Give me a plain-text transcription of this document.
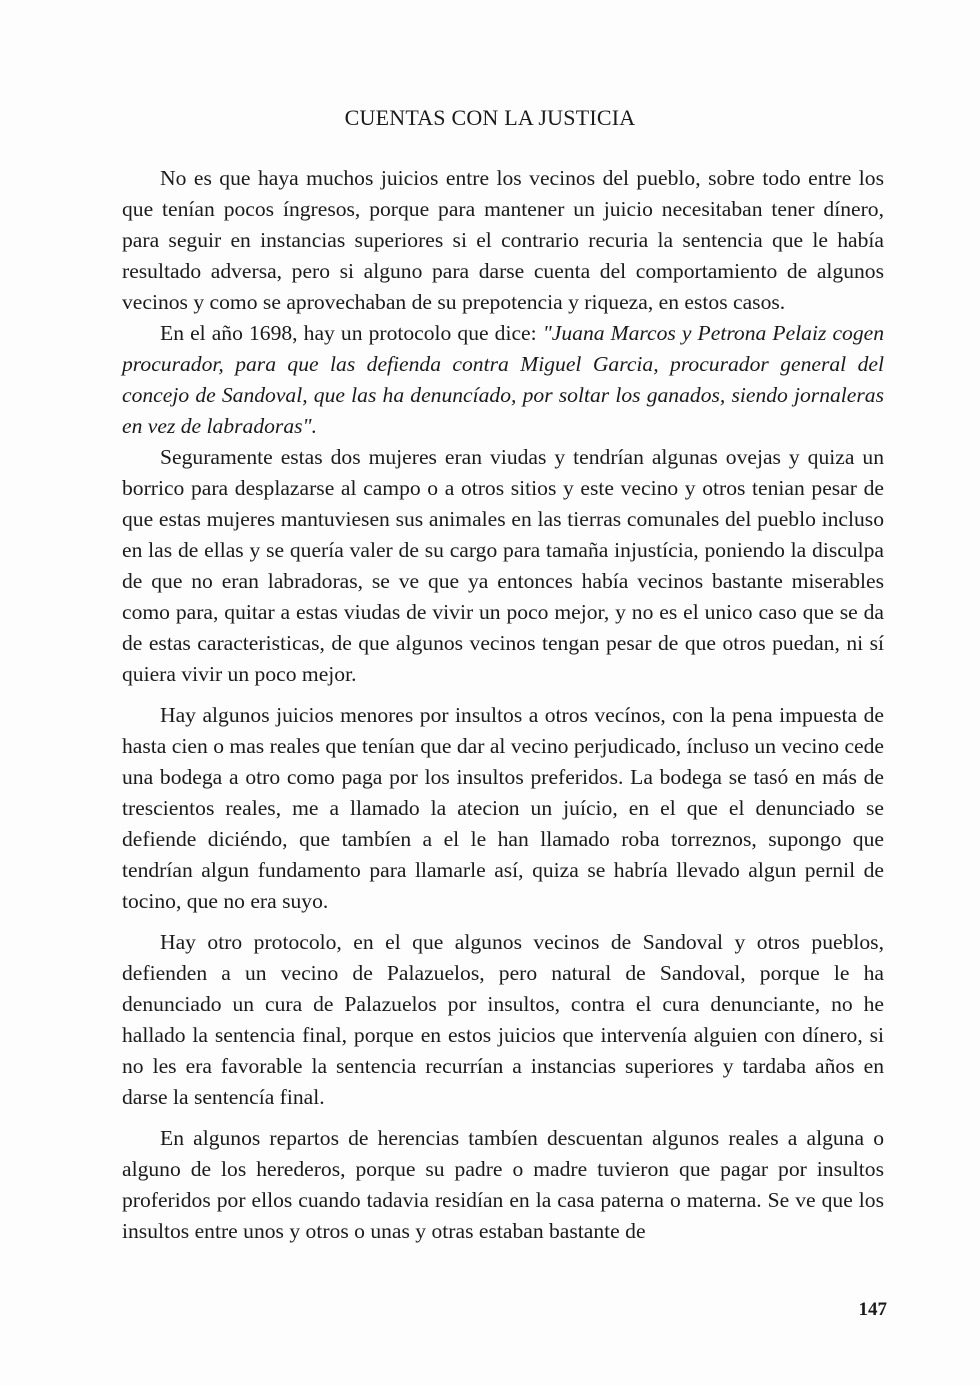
CUENTAS CON LA JUSTICIA

No es que haya muchos juicios entre los vecinos del pueblo, sobre todo entre los que tenían pocos íngresos, porque para mantener un juicio necesitaban tener dínero, para seguir en instancias superiores si el contrario recuria la sentencia que le había resultado adversa, pero si alguno para darse cuenta del comportamiento de algunos vecinos y como se aprovechaban de su prepotencia y riqueza, en estos casos.

En el año 1698, hay un protocolo que dice: "Juana Marcos y Petrona Pelaiz cogen procurador, para que las defienda contra Miguel Garcia, procurador general del concejo de Sandoval, que las ha denuncíado, por soltar los ganados, siendo jornaleras en vez de labradoras".

Seguramente estas dos mujeres eran viudas y tendrían algunas ovejas y quiza un borrico para desplazarse al campo o a otros sitios y este vecino y otros tenian pesar de que estas mujeres mantuviesen sus animales en las tierras comunales del pueblo incluso en las de ellas y se quería valer de su cargo para tamaña injustícia, poniendo la disculpa de que no eran labradoras, se ve que ya entonces había vecinos bastante miserables como para, quitar a estas viudas de vivir un poco mejor, y no es el unico caso que se da de estas caracteristicas, de que algunos vecinos tengan pesar de que otros puedan, ni sí quiera vivir un poco mejor.

Hay algunos juicios menores por insultos a otros vecínos, con la pena impuesta de hasta cien o mas reales que tenían que dar al vecino perjudicado, íncluso un vecino cede una bodega a otro como paga por los insultos preferidos. La bodega se tasó en más de trescientos reales, me a llamado la atecion un juício, en el que el denunciado se defiende diciéndo, que tambíen a el le han llamado roba torreznos, supongo que tendrían algun fundamento para llamarle así, quiza se habría llevado algun pernil de tocino, que no era suyo.

Hay otro protocolo, en el que algunos vecinos de Sandoval y otros pueblos, defienden a un vecino de Palazuelos, pero natural de Sandoval, porque le ha denunciado un cura de Palazuelos por insultos, contra el cura denunciante, no he hallado la sentencia final, porque en estos juicios que intervenía alguien con dínero, si no les era favorable la sentencia recurrían a instancias superiores y tardaba años en darse la sentencía final.

En algunos repartos de herencias tambíen descuentan algunos reales a alguna o alguno de los herederos, porque su padre o madre tuvieron que pagar por insultos proferidos por ellos cuando tadavia residían en la casa paterna o materna. Se ve que los insultos entre unos y otros o unas y otras estaban bastante de

147
